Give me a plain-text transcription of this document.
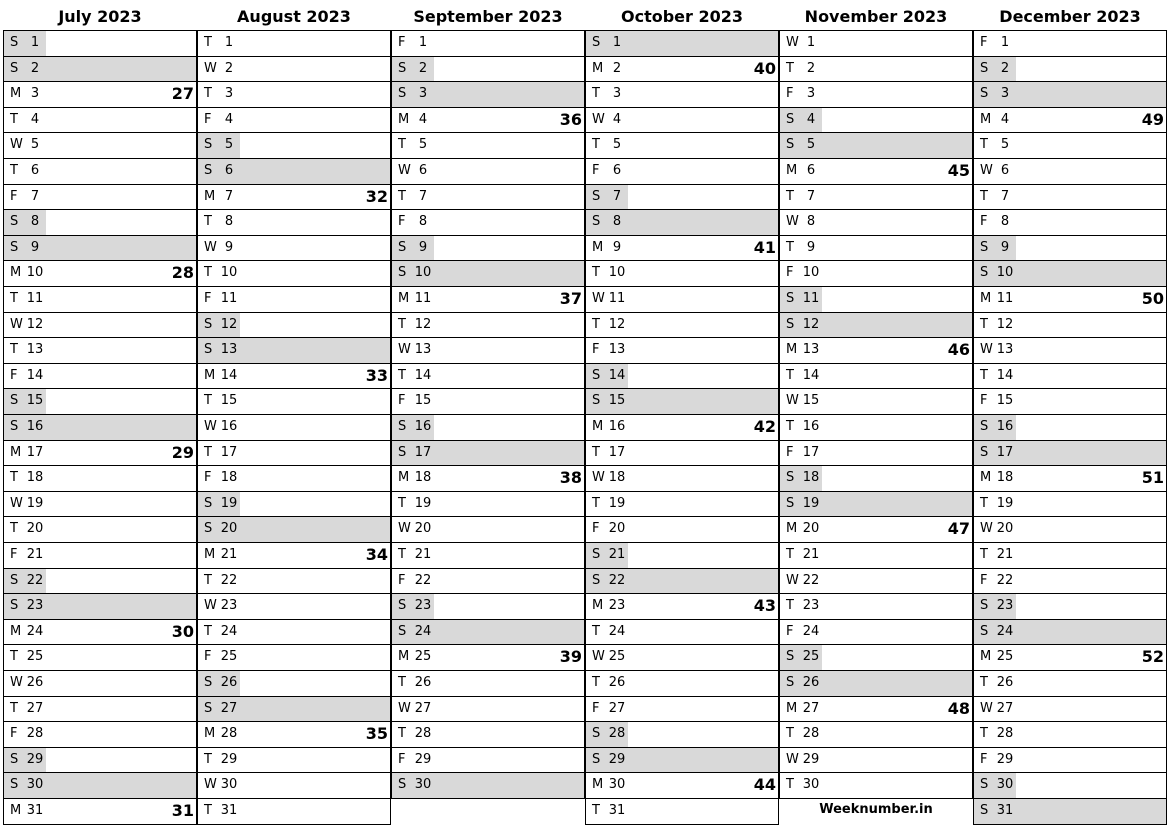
July 2023
S 1
S 2
M 3	27
T 4
W 5
T 6
F	7
S 8
S 9
M 10	28
T 11
W 12
T 13
F 14
S 15
S 16
M 17	29
T 18
W 19
T 20
F 21
S 22
S 23
M 24	30
T 25
W 26
T 27
F 28
S 29
S 30
M 31	31
August 2023
T 1
W 2
T 3
F	4
S 5
S 6
M 7	32
T 8
W 9
T 10
F 11
S 12
S 13
M 14	33
T 15
W 16
T 17
F 18
S 19
S 20
M 21	34
T 22
W 23
T 24
F 25
S 26
S 27
M 28	35
T 29
W 30
T 31
September 2023
F	1
S 2
S 3
M 4	36
T 5
W 6
T 7
F	8
S 9
S 10
M 11	37
T 12
W 13
T 14
F 15
S 16
S 17
M 18	38
T 19
W 20
T 21
F 22
S 23
S 24
M 25	39
T 26
W 27
T 28
F 29
S 30
October 2023
S 1
M 2	40
T 3
W 4
T 5
F	6
S 7
S 8
M 9	41
T 10
W 11
T 12
F 13
S 14
S 15
M 16	42
T 17
W 18
T 19
F 20
S 21
S 22
M 23	43
T 24
W 25
T 26
F 27
S 28
S 29
M 30	44
T 31
November 2023
W 1
T 2
F	3
S 4
S 5
M 6	45
T 7
W 8
T 9
F 10
S 11
S 12
M 13	46
T 14
W 15
T 16
F 17
S 18
S 19
M 20	47
T 21
W 22
T 23
F 24
S 25
S 26
M 27	48
T 28
W 29
T 30
December 2023
F	1
S 2
S 3
M 4	49
T 5
W 6
T 7
F	8
S 9
S 10
M 11	50
T 12
W 13
T 14
F 15
S 16
S 17
M 18	51
T 19
W 20
T 21
F 22
S 23
S 24
M 25	52
T 26
W 27
T 28
F 29
S 30
S 31
Weeknumber.in
